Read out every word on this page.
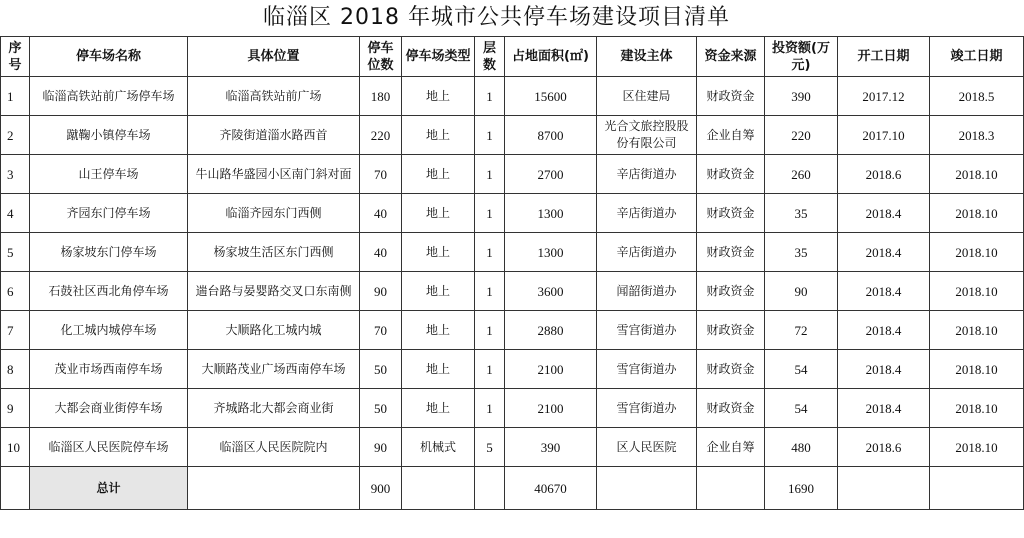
临淄区 2018 年城市公共停车场建设项目清单
序号	停车场名称	具体位置	停车位数	停车场类型	层数	占地面积(㎡)	建设主体	资金来源	投资额(万元)	开工日期	竣工日期
1	临淄高铁站前广场停车场	临淄高铁站前广场	180	地上	1	15600	区住建局	财政资金	390	2017.12	2018.5
2	蹴鞠小镇停车场	齐陵街道淄水路西首	220	地上	1	8700	光合文旅控股股份有限公司	企业自筹	220	2017.10	2018.3
3	山王停车场	牛山路华盛园小区南门斜对面	70	地上	1	2700	辛店街道办	财政资金	260	2018.6	2018.10
4	齐园东门停车场	临淄齐园东门西侧	40	地上	1	1300	辛店街道办	财政资金	35	2018.4	2018.10
5	杨家坡东门停车场	杨家坡生活区东门西侧	40	地上	1	1300	辛店街道办	财政资金	35	2018.4	2018.10
6	石鼓社区西北角停车场	遄台路与晏婴路交叉口东南侧	90	地上	1	3600	闻韶街道办	财政资金	90	2018.4	2018.10
7	化工城内城停车场	大顺路化工城内城	70	地上	1	2880	雪宫街道办	财政资金	72	2018.4	2018.10
8	茂业市场西南停车场	大顺路茂业广场西南停车场	50	地上	1	2100	雪宫街道办	财政资金	54	2018.4	2018.10
9	大都会商业街停车场	齐城路北大都会商业街	50	地上	1	2100	雪宫街道办	财政资金	54	2018.4	2018.10
10	临淄区人民医院停车场	临淄区人民医院院内	90	机械式	5	390	区人民医院	企业自筹	480	2018.6	2018.10
	总计		900			40670			1690		
